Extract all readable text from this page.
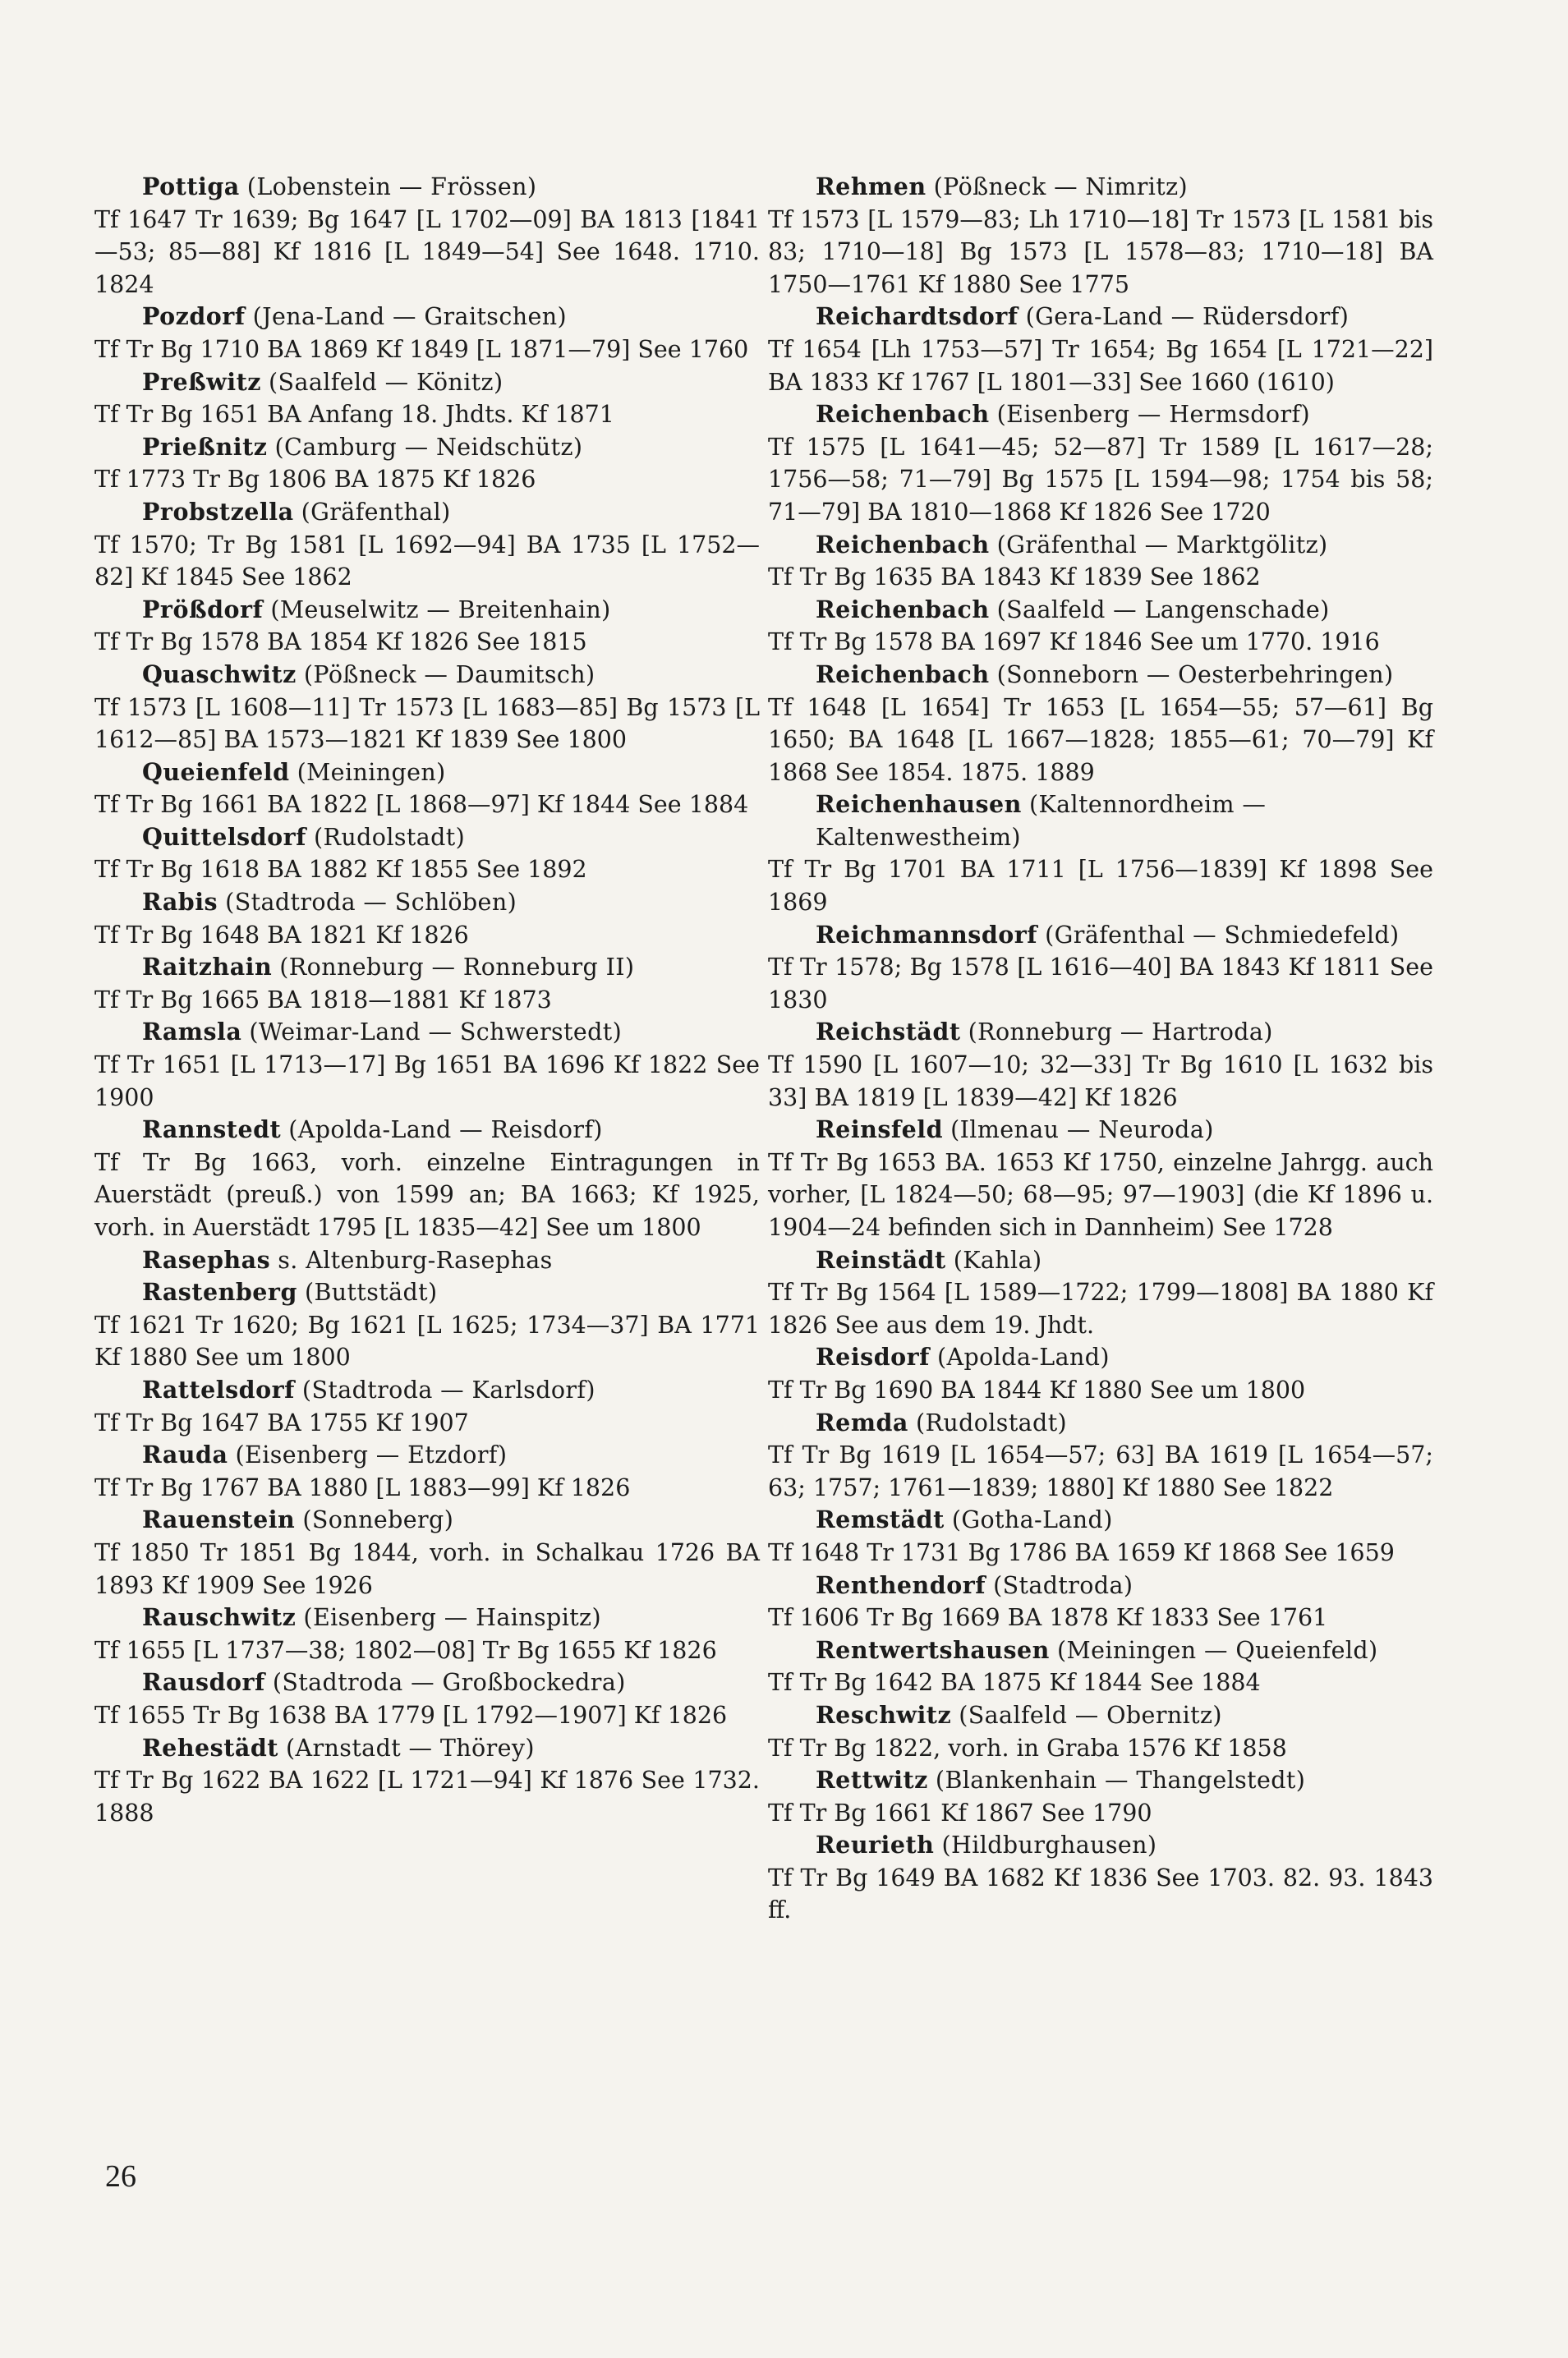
Pottiga (Lobenstein — Frössen)
Tf 1647 Tr 1639; Bg 1647 [L 1702—09] BA 1813 [1841—53; 85—88] Kf 1816 [L 1849—54] See 1648. 1710. 1824
Pozdorf (Jena-Land — Graitschen)
Tf Tr Bg 1710 BA 1869 Kf 1849 [L 1871—79] See 1760
Preßwitz (Saalfeld — Könitz)
Tf Tr Bg 1651 BA Anfang 18. Jhdts. Kf 1871
Prießnitz (Camburg — Neidschütz)
Tf 1773 Tr Bg 1806 BA 1875 Kf 1826
Probstzella (Gräfenthal)
Tf 1570; Tr Bg 1581 [L 1692—94] BA 1735 [L 1752—82] Kf 1845 See 1862
Prößdorf (Meuselwitz — Breitenhain)
Tf Tr Bg 1578 BA 1854 Kf 1826 See 1815
Quaschwitz (Pößneck — Daumitsch)
Tf 1573 [L 1608—11] Tr 1573 [L 1683—85] Bg 1573 [L 1612—85] BA 1573—1821 Kf 1839 See 1800
Queienfeld (Meiningen)
Tf Tr Bg 1661 BA 1822 [L 1868—97] Kf 1844 See 1884
Quittelsdorf (Rudolstadt)
Tf Tr Bg 1618 BA 1882 Kf 1855 See 1892
Rabis (Stadtroda — Schlöben)
Tf Tr Bg 1648 BA 1821 Kf 1826
Raitzhain (Ronneburg — Ronneburg II)
Tf Tr Bg 1665 BA 1818—1881 Kf 1873
Ramsla (Weimar-Land — Schwerstedt)
Tf Tr 1651 [L 1713—17] Bg 1651 BA 1696 Kf 1822 See 1900
Rannstedt (Apolda-Land — Reisdorf)
Tf Tr Bg 1663, vorh. einzelne Eintragungen in Auerstädt (preuß.) von 1599 an; BA 1663; Kf 1925, vorh. in Auerstädt 1795 [L 1835—42] See um 1800
Rasephas s. Altenburg-Rasephas
Rastenberg (Buttstädt)
Tf 1621 Tr 1620; Bg 1621 [L 1625; 1734—37] BA 1771 Kf 1880 See um 1800
Rattelsdorf (Stadtroda — Karlsdorf)
Tf Tr Bg 1647 BA 1755 Kf 1907
Rauda (Eisenberg — Etzdorf)
Tf Tr Bg 1767 BA 1880 [L 1883—99] Kf 1826
Rauenstein (Sonneberg)
Tf 1850 Tr 1851 Bg 1844, vorh. in Schalkau 1726 BA 1893 Kf 1909 See 1926
Rauschwitz (Eisenberg — Hainspitz)
Tf 1655 [L 1737—38; 1802—08] Tr Bg 1655 Kf 1826
Rausdorf (Stadtroda — Großbockedra)
Tf 1655 Tr Bg 1638 BA 1779 [L 1792—1907] Kf 1826
Rehestädt (Arnstadt — Thörey)
Tf Tr Bg 1622 BA 1622 [L 1721—94] Kf 1876 See 1732. 1888
Rehmen (Pößneck — Nimritz)
Tf 1573 [L 1579—83; Lh 1710—18] Tr 1573 [L 1581 bis 83; 1710—18] Bg 1573 [L 1578—83; 1710—18] BA 1750—1761 Kf 1880 See 1775
Reichardtsdorf (Gera-Land — Rüdersdorf)
Tf 1654 [Lh 1753—57] Tr 1654; Bg 1654 [L 1721—22] BA 1833 Kf 1767 [L 1801—33] See 1660 (1610)
Reichenbach (Eisenberg — Hermsdorf)
Tf 1575 [L 1641—45; 52—87] Tr 1589 [L 1617—28; 1756—58; 71—79] Bg 1575 [L 1594—98; 1754 bis 58; 71—79] BA 1810—1868 Kf 1826 See 1720
Reichenbach (Gräfenthal — Marktgölitz)
Tf Tr Bg 1635 BA 1843 Kf 1839 See 1862
Reichenbach (Saalfeld — Langenschade)
Tf Tr Bg 1578 BA 1697 Kf 1846 See um 1770. 1916
Reichenbach (Sonneborn — Oesterbehringen)
Tf 1648 [L 1654] Tr 1653 [L 1654—55; 57—61] Bg 1650; BA 1648 [L 1667—1828; 1855—61; 70—79] Kf 1868 See 1854. 1875. 1889
Reichenhausen (Kaltennordheim — Kaltenwestheim)
Tf Tr Bg 1701 BA 1711 [L 1756—1839] Kf 1898 See 1869
Reichmannsdorf (Gräfenthal — Schmiedefeld)
Tf Tr 1578; Bg 1578 [L 1616—40] BA 1843 Kf 1811 See 1830
Reichstädt (Ronneburg — Hartroda)
Tf 1590 [L 1607—10; 32—33] Tr Bg 1610 [L 1632 bis 33] BA 1819 [L 1839—42] Kf 1826
Reinsfeld (Ilmenau — Neuroda)
Tf Tr Bg 1653 BA. 1653 Kf 1750, einzelne Jahrgg. auch vorher, [L 1824—50; 68—95; 97—1903] (die Kf 1896 u. 1904—24 befinden sich in Dannheim) See 1728
Reinstädt (Kahla)
Tf Tr Bg 1564 [L 1589—1722; 1799—1808] BA 1880 Kf 1826 See aus dem 19. Jhdt.
Reisdorf (Apolda-Land)
Tf Tr Bg 1690 BA 1844 Kf 1880 See um 1800
Remda (Rudolstadt)
Tf Tr Bg 1619 [L 1654—57; 63] BA 1619 [L 1654—57; 63; 1757; 1761—1839; 1880] Kf 1880 See 1822
Remstädt (Gotha-Land)
Tf 1648 Tr 1731 Bg 1786 BA 1659 Kf 1868 See 1659
Renthendorf (Stadtroda)
Tf 1606 Tr Bg 1669 BA 1878 Kf 1833 See 1761
Rentwertshausen (Meiningen — Queienfeld)
Tf Tr Bg 1642 BA 1875 Kf 1844 See 1884
Reschwitz (Saalfeld — Obernitz)
Tf Tr Bg 1822, vorh. in Graba 1576 Kf 1858
Rettwitz (Blankenhain — Thangelstedt)
Tf Tr Bg 1661 Kf 1867 See 1790
Reurieth (Hildburghausen)
Tf Tr Bg 1649 BA 1682 Kf 1836 See 1703. 82. 93. 1843 ff.
26
